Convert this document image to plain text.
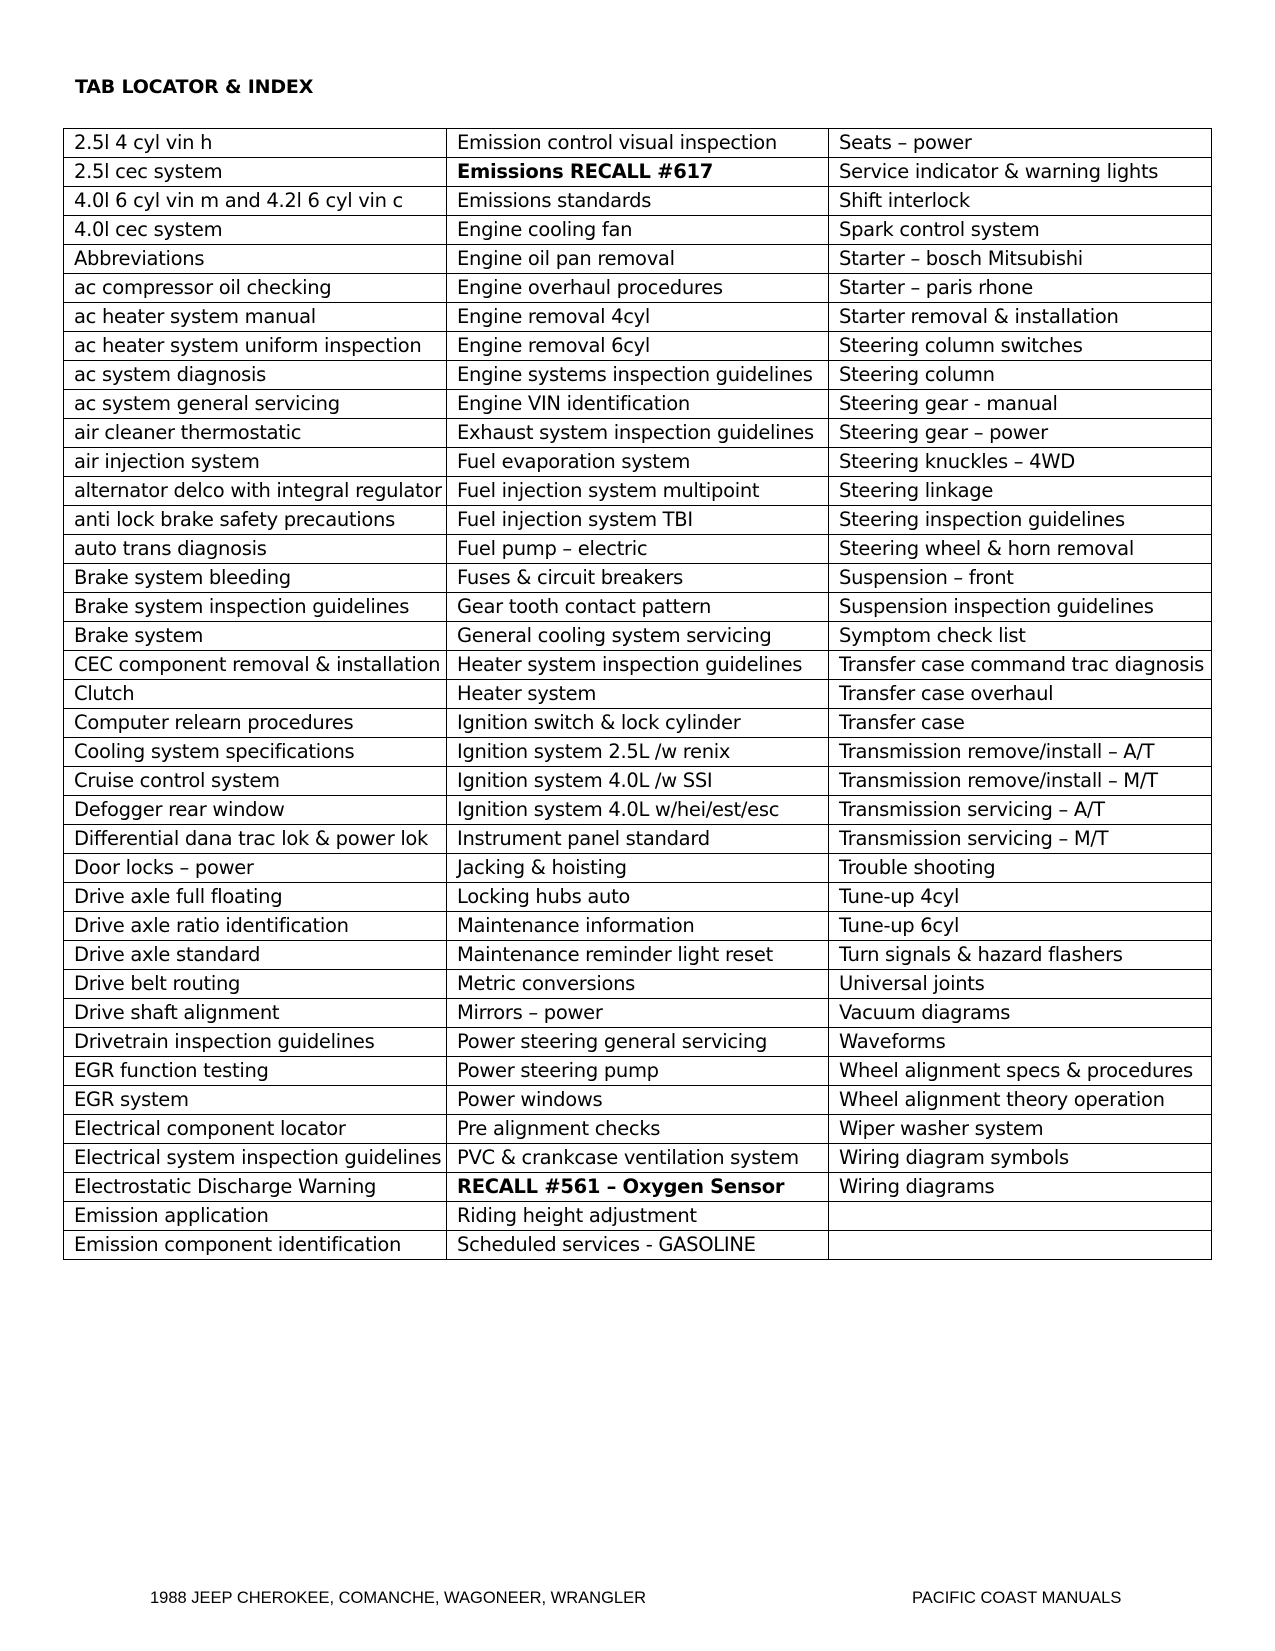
TAB LOCATOR & INDEX
2.5l 4 cyl vin h	Emission control visual inspection	Seats – power
2.5l cec system	Emissions RECALL #617	Service indicator & warning lights
4.0l 6 cyl vin m and 4.2l 6 cyl vin c	Emissions standards	Shift interlock
4.0l cec system	Engine cooling fan	Spark control system
Abbreviations	Engine oil pan removal	Starter – bosch Mitsubishi
ac compressor oil checking	Engine overhaul procedures	Starter – paris rhone
ac heater system manual	Engine removal 4cyl	Starter removal & installation
ac heater system uniform inspection	Engine removal 6cyl	Steering column switches
ac system diagnosis	Engine systems inspection guidelines	Steering column
ac system general servicing	Engine VIN identification	Steering gear - manual
air cleaner thermostatic	Exhaust system inspection guidelines	Steering gear – power
air injection system	Fuel evaporation system	Steering knuckles – 4WD
alternator delco with integral regulator	Fuel injection system multipoint	Steering linkage
anti lock brake safety precautions	Fuel injection system TBI	Steering inspection guidelines
auto trans diagnosis	Fuel pump – electric	Steering wheel & horn removal
Brake system bleeding	Fuses & circuit breakers	Suspension – front
Brake system inspection guidelines	Gear tooth contact pattern	Suspension inspection guidelines
Brake system	General cooling system servicing	Symptom check list
CEC component removal & installation	Heater system inspection guidelines	Transfer case command trac diagnosis
Clutch	Heater system	Transfer case overhaul
Computer relearn procedures	Ignition switch & lock cylinder	Transfer case
Cooling system specifications	Ignition system 2.5L /w renix	Transmission remove/install – A/T
Cruise control system	Ignition system 4.0L /w SSI	Transmission remove/install – M/T
Defogger rear window	Ignition system 4.0L w/hei/est/esc	Transmission servicing – A/T
Differential dana trac lok & power lok	Instrument panel standard	Transmission servicing – M/T
Door locks – power	Jacking & hoisting	Trouble shooting
Drive axle full floating	Locking hubs auto	Tune-up 4cyl
Drive axle ratio identification	Maintenance information	Tune-up 6cyl
Drive axle standard	Maintenance reminder light reset	Turn signals & hazard flashers
Drive belt routing	Metric conversions	Universal joints
Drive shaft alignment	Mirrors – power	Vacuum diagrams
Drivetrain inspection guidelines	Power steering general servicing	Waveforms
EGR function testing	Power steering pump	Wheel alignment specs & procedures
EGR system	Power windows	Wheel alignment theory operation
Electrical component locator	Pre alignment checks	Wiper washer system
Electrical system inspection guidelines	PVC & crankcase ventilation system	Wiring diagram symbols
Electrostatic Discharge Warning	RECALL #561 – Oxygen Sensor	Wiring diagrams
Emission application	Riding height adjustment	
Emission component identification	Scheduled services - GASOLINE	
1988 JEEP CHEROKEE, COMANCHE, WAGONEER, WRANGLER	PACIFIC COAST MANUALS
